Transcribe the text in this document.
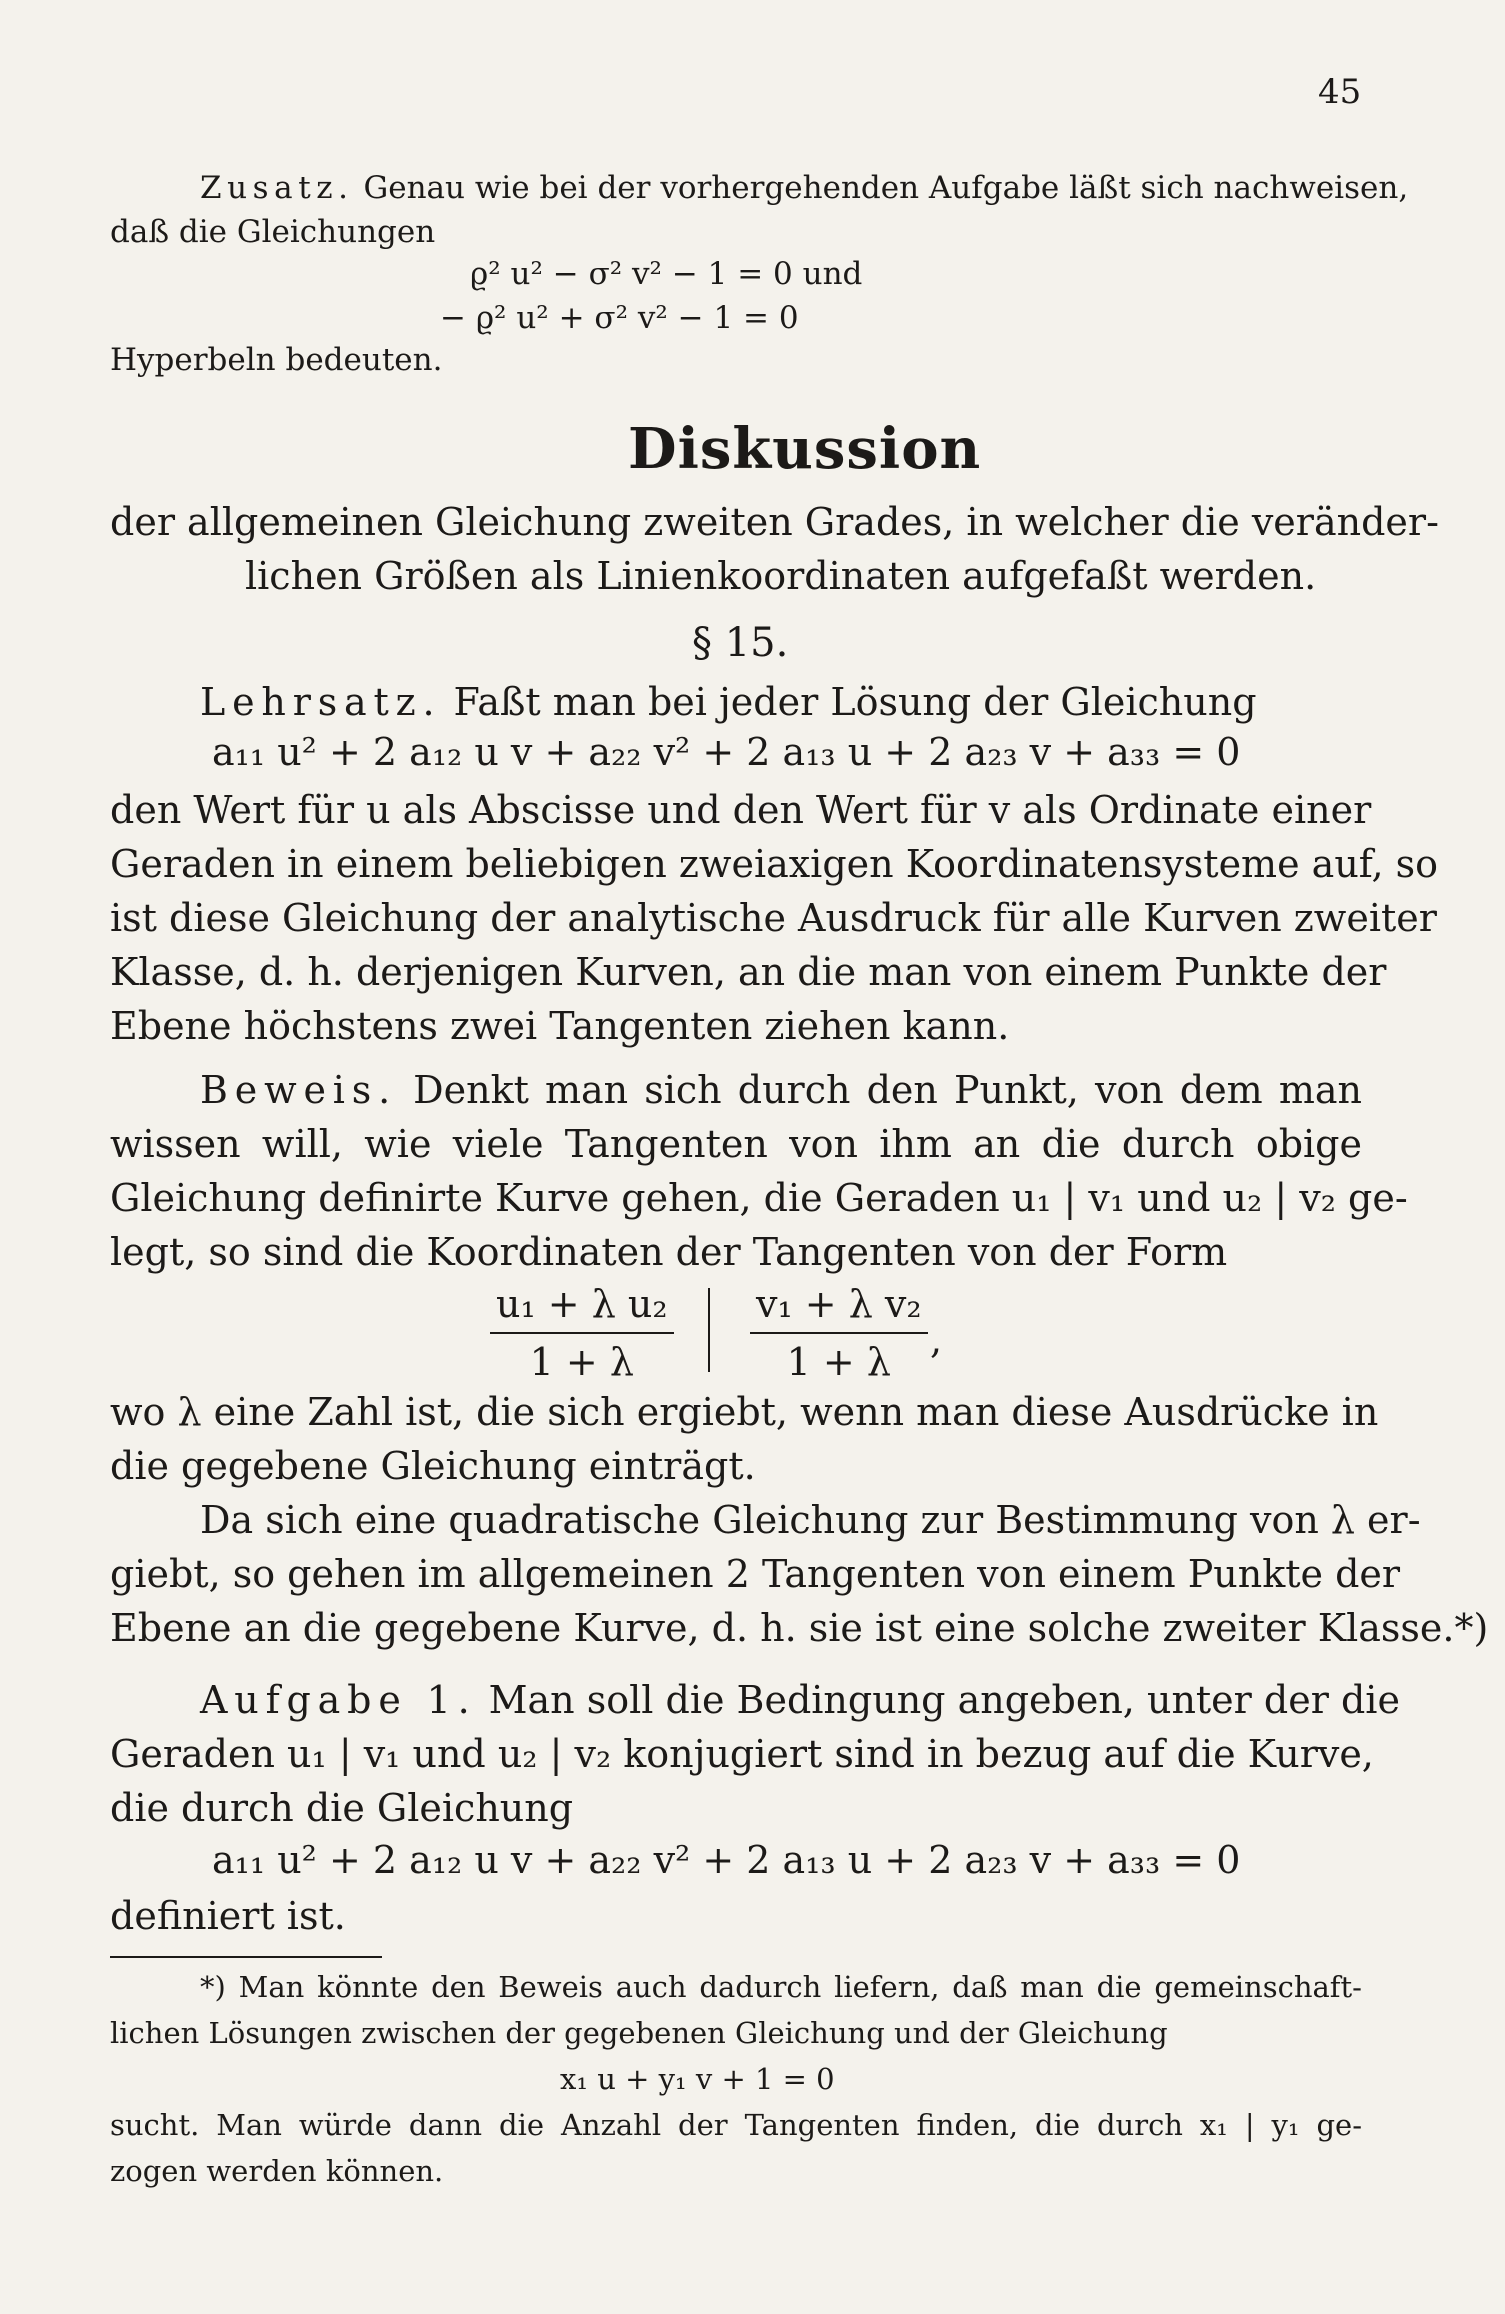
45
Zusatz. Genau wie bei der vorhergehenden Aufgabe läßt sich nachweisen,
daß die Gleichungen
ϱ² u² − σ² v² − 1 = 0 und
− ϱ² u² + σ² v² − 1 = 0
Hyperbeln bedeuten.
Diskussion
der allgemeinen Gleichung zweiten Grades, in welcher die veränder-
lichen Größen als Linienkoordinaten aufgefaßt werden.
§ 15.
Lehrsatz. Faßt man bei jeder Lösung der Gleichung
a₁₁ u² + 2 a₁₂ u v + a₂₂ v² + 2 a₁₃ u + 2 a₂₃ v + a₃₃ = 0
den Wert für u als Abscisse und den Wert für v als Ordinate einer
Geraden in einem beliebigen zweiaxigen Koordinatensysteme auf, so
ist diese Gleichung der analytische Ausdruck für alle Kurven zweiter
Klasse, d. h. derjenigen Kurven, an die man von einem Punkte der
Ebene höchstens zwei Tangenten ziehen kann.
Beweis. Denkt man sich durch den Punkt, von dem man
wissen will, wie viele Tangenten von ihm an die durch obige
Gleichung definirte Kurve gehen, die Geraden u₁ | v₁ und u₂ | v₂ ge-
legt, so sind die Koordinaten der Tangenten von der Form
$\frac{\text{u₁ + λ u₂}}{1 + \lambda} \frac{\text{v₁ + λ v₂}}{1 + \lambda}$ ,
wo λ eine Zahl ist, die sich ergiebt, wenn man diese Ausdrücke in
die gegebene Gleichung einträgt.
Da sich eine quadratische Gleichung zur Bestimmung von λ er-
giebt, so gehen im allgemeinen 2 Tangenten von einem Punkte der
Ebene an die gegebene Kurve, d. h. sie ist eine solche zweiter Klasse.*)
Aufgabe 1. Man soll die Bedingung angeben, unter der die
Geraden u₁ | v₁ und u₂ | v₂ konjugiert sind in bezug auf die Kurve,
die durch die Gleichung
a₁₁ u² + 2 a₁₂ u v + a₂₂ v² + 2 a₁₃ u + 2 a₂₃ v + a₃₃ = 0
definiert ist.
*) Man könnte den Beweis auch dadurch liefern, daß man die gemeinschaft-
lichen Lösungen zwischen der gegebenen Gleichung und der Gleichung
x₁ u + y₁ v + 1 = 0
sucht. Man würde dann die Anzahl der Tangenten finden, die durch x₁ | y₁ ge-
zogen werden können.
